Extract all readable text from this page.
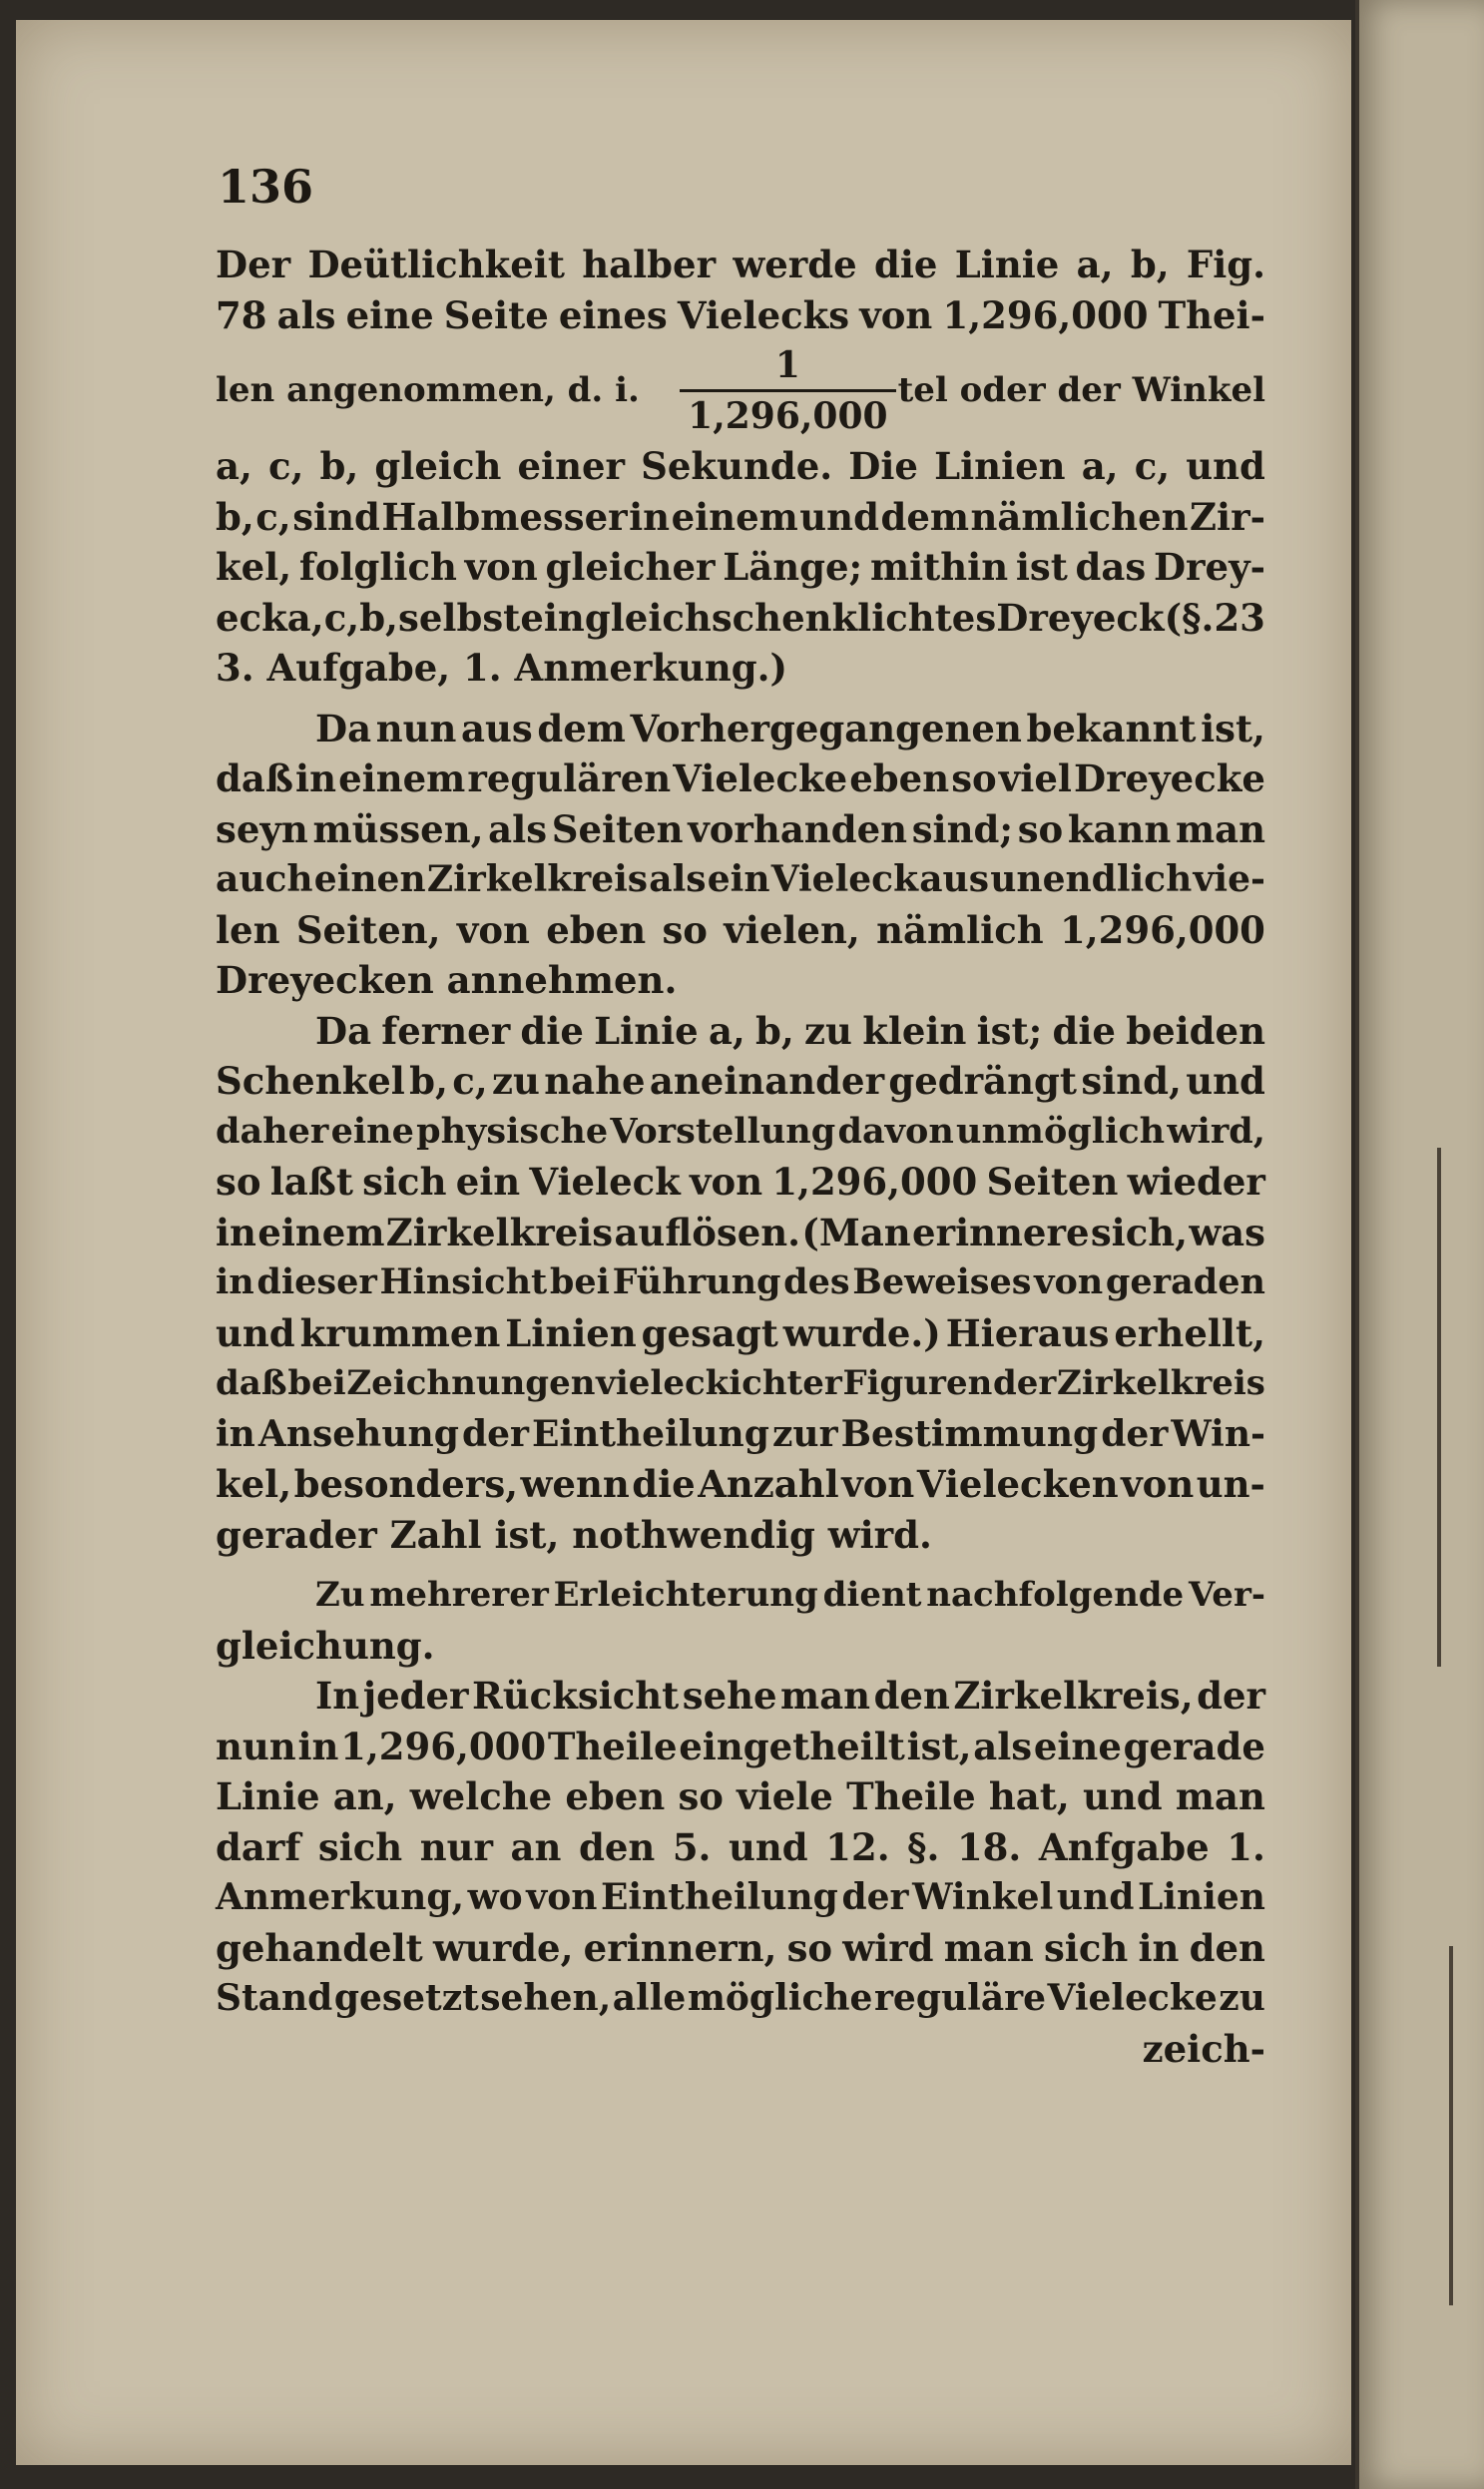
136
Der Deütlichkeit halber werde die Linie a, b, Fig.
78 als eine Seite eines Vielecks von 1,296,000 Thei-
len angenommen, d. i. $\frac{1}{1,296,000}$ tel oder der Winkel
a, c, b, gleich einer Sekunde. Die Linien a, c, und
b, c, sind Halbmesser in einem und dem nämlichen Zir-
kel, folglich von gleicher Länge; mithin ist das Drey-
eck a, c, b, selbst ein gleichschenklichtes Dreyeck (§. 23
3. Aufgabe, 1. Anmerkung.)
Da nun aus dem Vorhergegangenen bekannt ist,
daß in einem regulären Vielecke eben so viel Dreyecke
seyn müssen, als Seiten vorhanden sind; so kann man
auch einen Zirkelkreis als ein Vieleck aus unendlich vie-
len Seiten, von eben so vielen, nämlich 1,296,000
Dreyecken annehmen.
Da ferner die Linie a, b, zu klein ist; die beiden
Schenkel b, c, zu nahe aneinander gedrängt sind, und
daher eine physische Vorstellung davon unmöglich wird,
so laßt sich ein Vieleck von 1,296,000 Seiten wieder
in einem Zirkelkreis auflösen. (Man erinnere sich, was
in dieser Hinsicht bei Führung des Beweises von geraden
und krummen Linien gesagt wurde.) Hieraus erhellt,
daß bei Zeichnungen vieleckichter Figuren der Zirkelkreis
in Ansehung der Eintheilung zur Bestimmung der Win-
kel, besonders, wenn die Anzahl von Vielecken von un-
gerader Zahl ist, nothwendig wird.
Zu mehrerer Erleichterung dient nachfolgende Ver-
gleichung.
In jeder Rücksicht sehe man den Zirkelkreis, der
nun in 1,296,000 Theile eingetheilt ist, als eine gerade
Linie an, welche eben so viele Theile hat, und man
darf sich nur an den 5. und 12. §. 18. Anfgabe 1.
Anmerkung, wo von Eintheilung der Winkel und Linien
gehandelt wurde, erinnern, so wird man sich in den
Stand gesetzt sehen, alle mögliche reguläre Vielecke zu
zeich-
